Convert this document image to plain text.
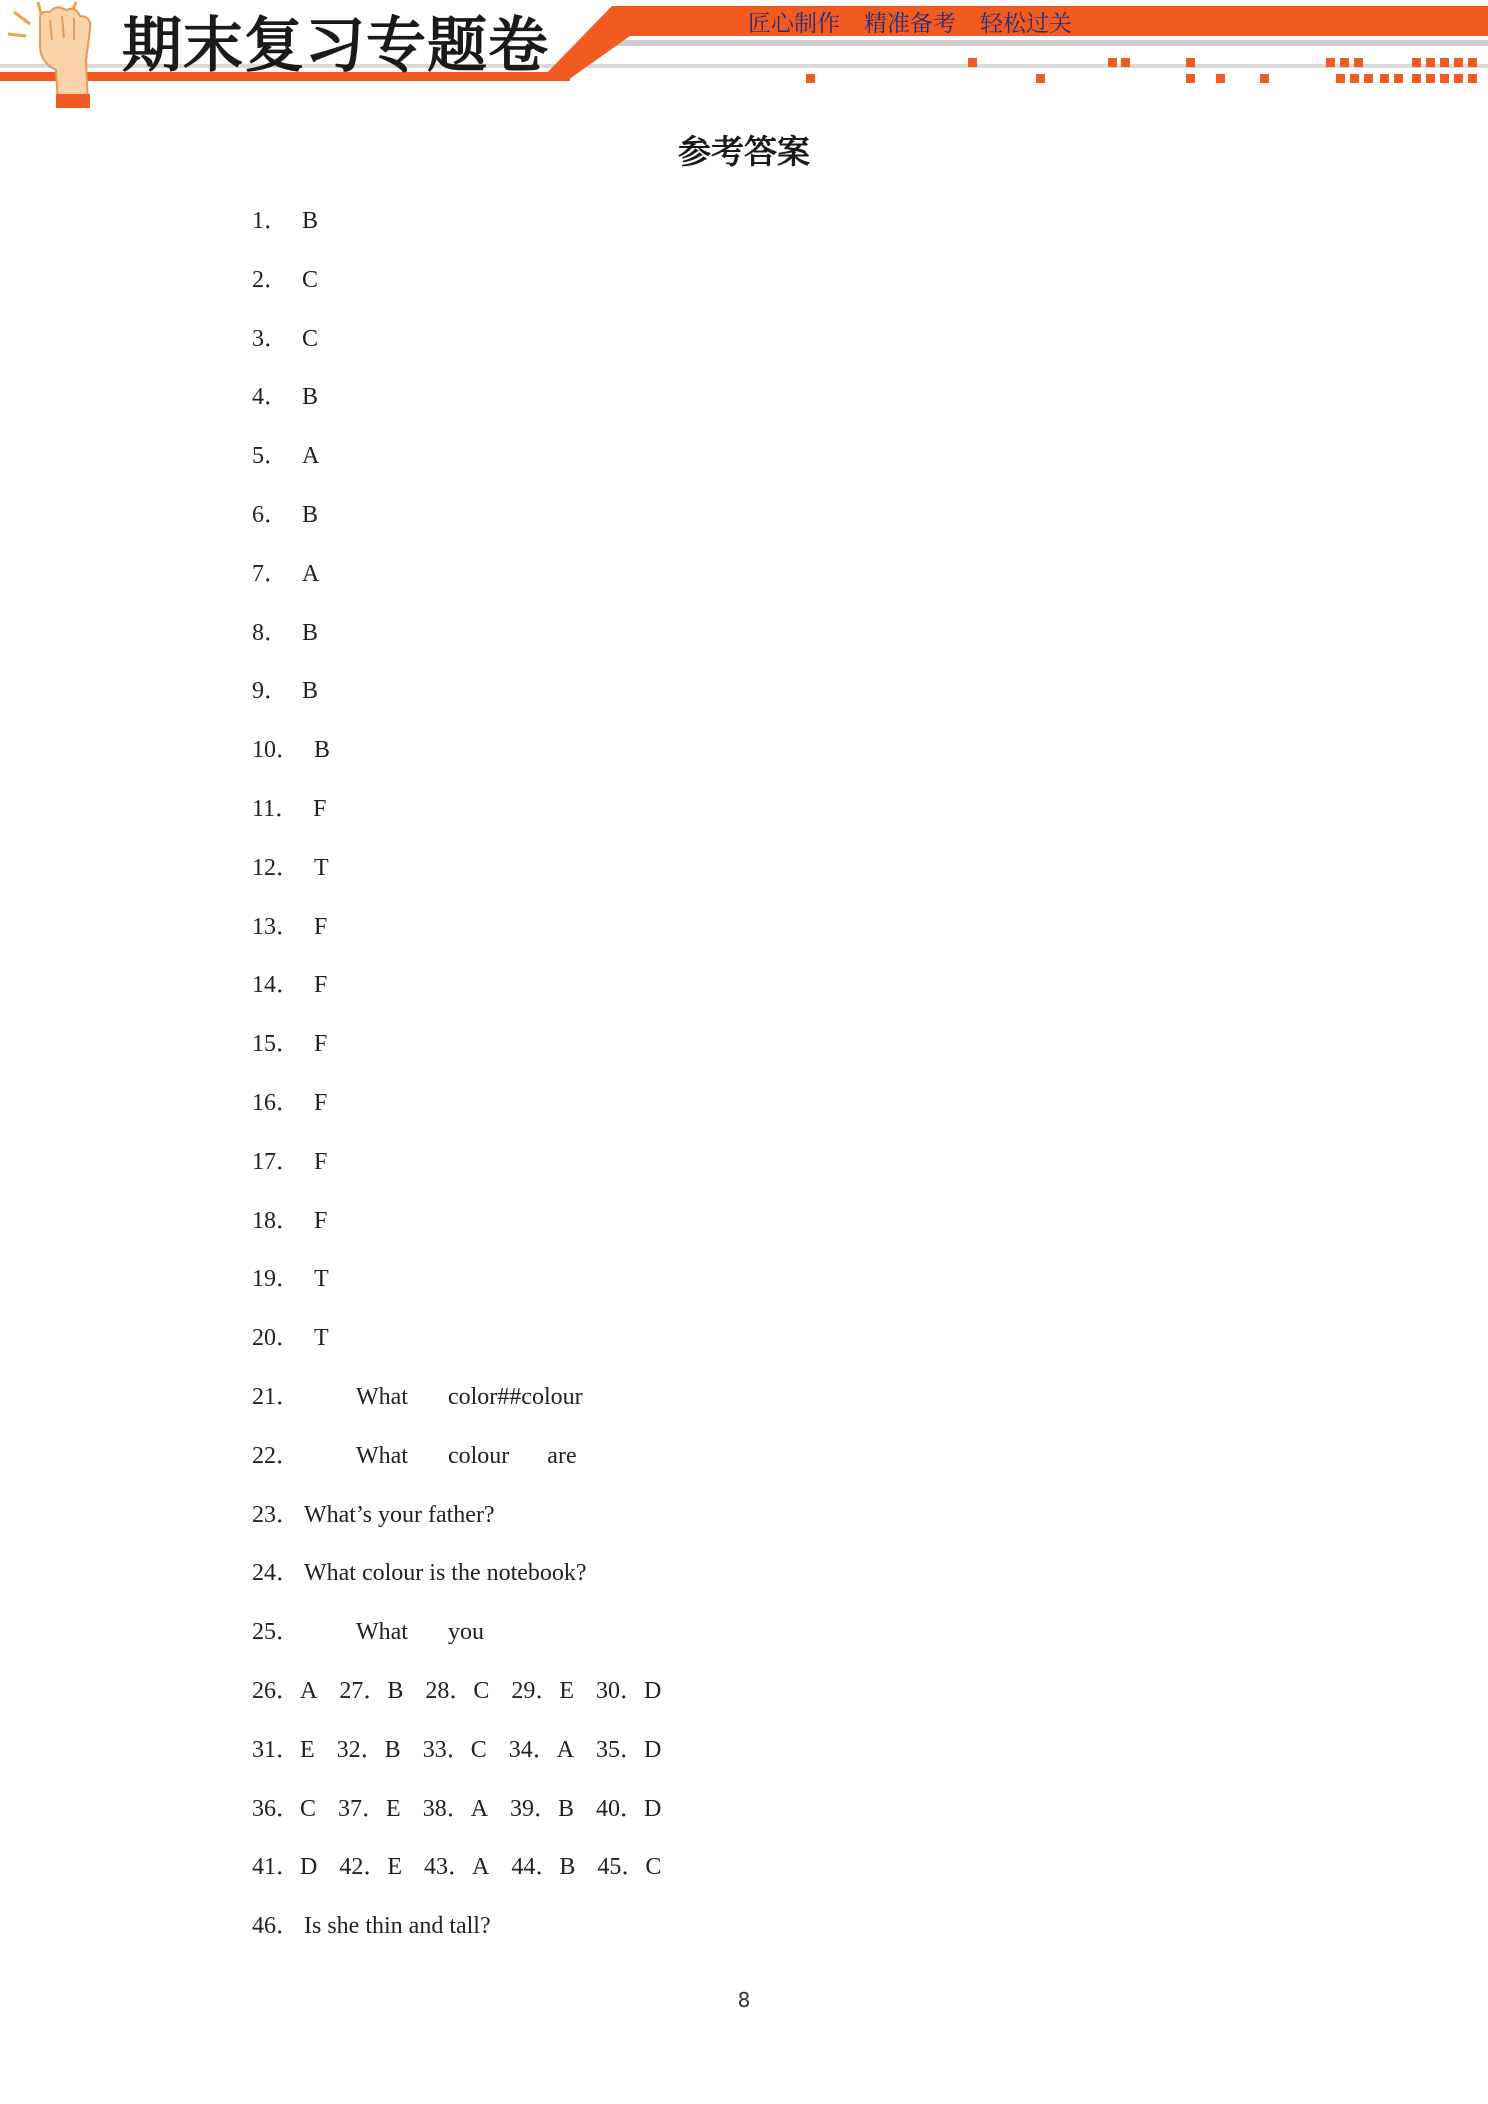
期末复习专题卷	匠心制作 精准备考 轻松过关
参考答案
1． B
2． C
3． C
4． B
5． A
6． B
7． A
8． B
9． B
10． B
11． F
12． T
13． F
14． F
15． F
16． F
17． F
18． F
19． T
20． T
21． What color##colour
22． What colour are
23． What’s your father?
24． What colour is the notebook?
25． What you
26．A 27．B 28．C 29．E 30．D
31．E 32．B 33．C 34．A 35．D
36．C 37．E 38．A 39．B 40．D
41．D 42．E 43．A 44．B 45．C
46． Is she thin and tall?
8
